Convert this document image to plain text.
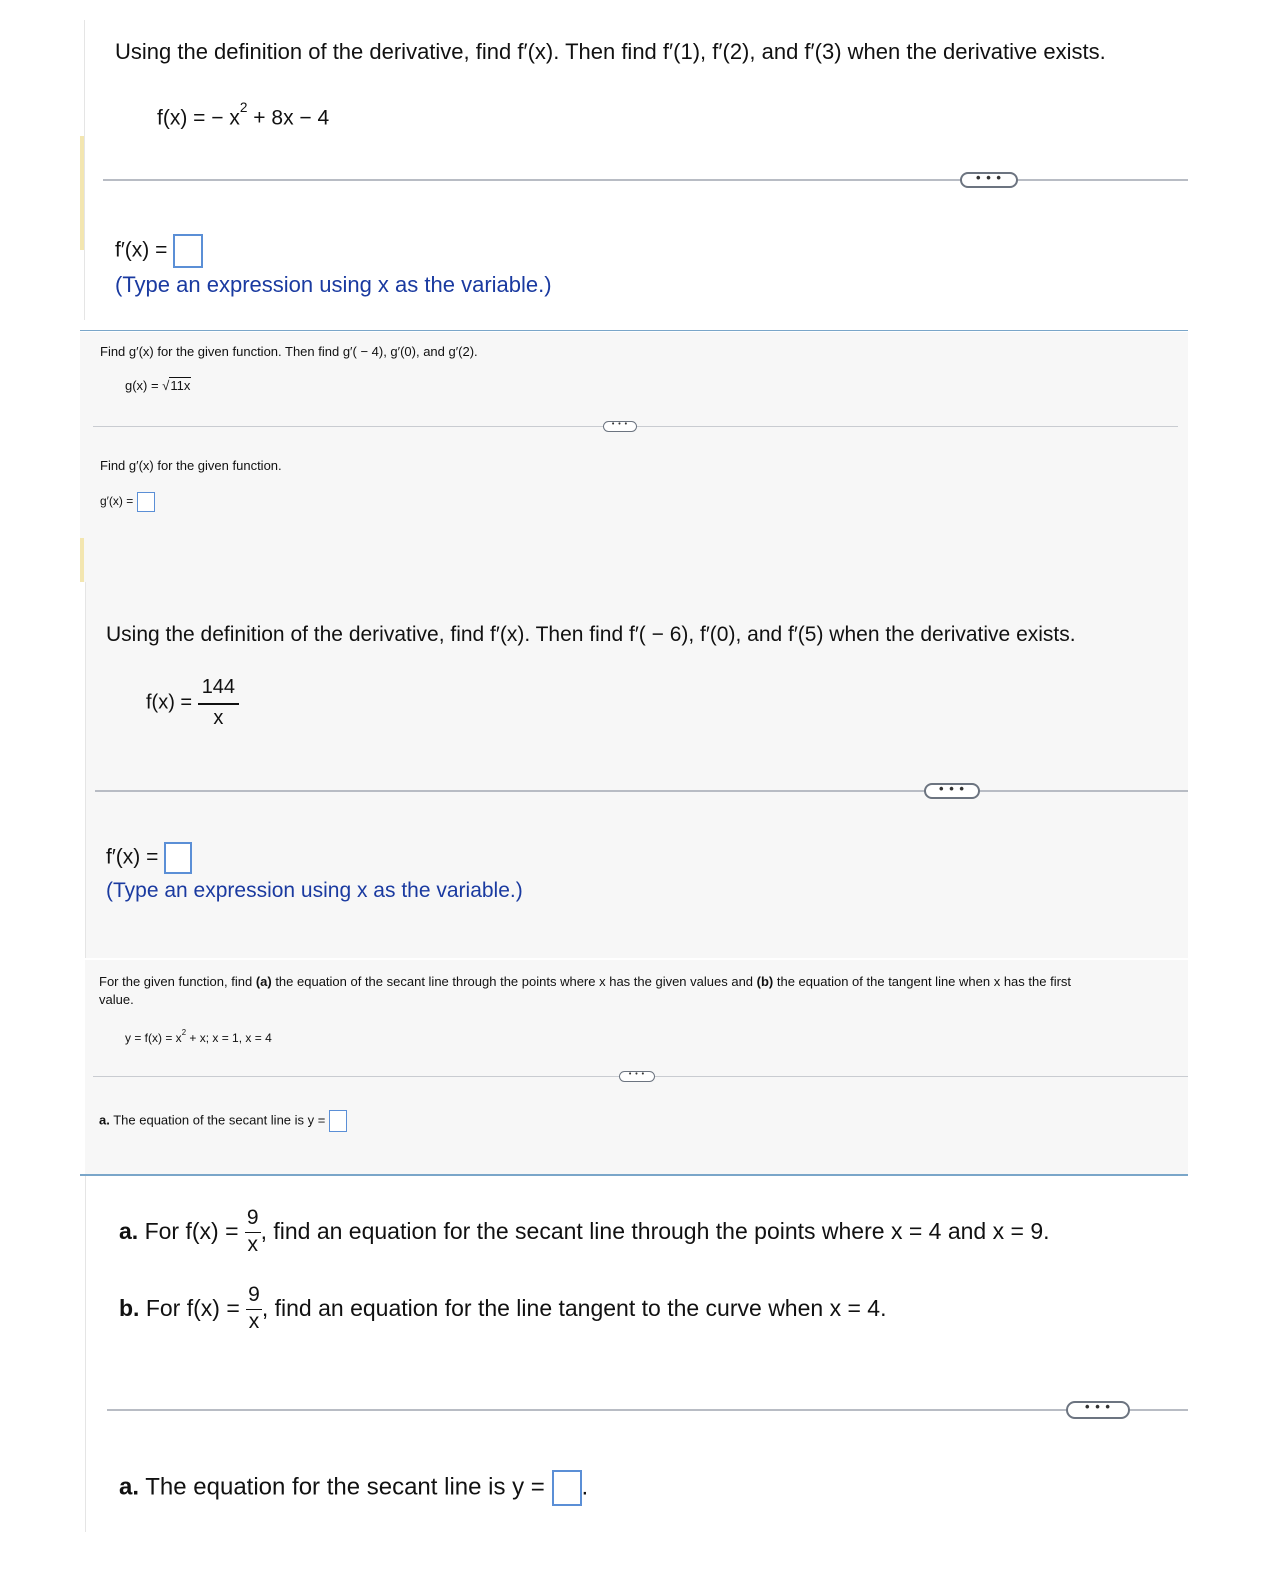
Using the definition of the derivative, find f′(x). Then find f′(1), f′(2), and f′(3) when the derivative exists.
f(x) = − $x^2 + 8x - 4$
• • •
f′(x) =
(Type an expression using x as the variable.)
Find g′(x) for the given function. Then find g′( − 4), g′(0), and g′(2).
g(x) = √11x
• • •
Find g′(x) for the given function.
g′(x) =
Using the definition of the derivative, find f′(x). Then find f′( − 6), f′(0), and f′(5) when the derivative exists.
$f(x) = \frac{144}{x}$
• • •
f′(x) =
(Type an expression using x as the variable.)
For the given function, find (a) the equation of the secant line through the points where x has the given values and (b) the equation of the tangent line when x has the first
value.
$y = f(x) = x^2 + x$; x = 1, x = 4
• • •
a. The equation of the secant line is y =
a. For $f(x) = \frac{9}{x}$ , find an equation for the secant line through the points where x = 4 and x = 9.
b. For $f(x) = \frac{9}{x}$ , find an equation for the line tangent to the curve when x = 4.
• • •
a. The equation for the secant line is y = .
